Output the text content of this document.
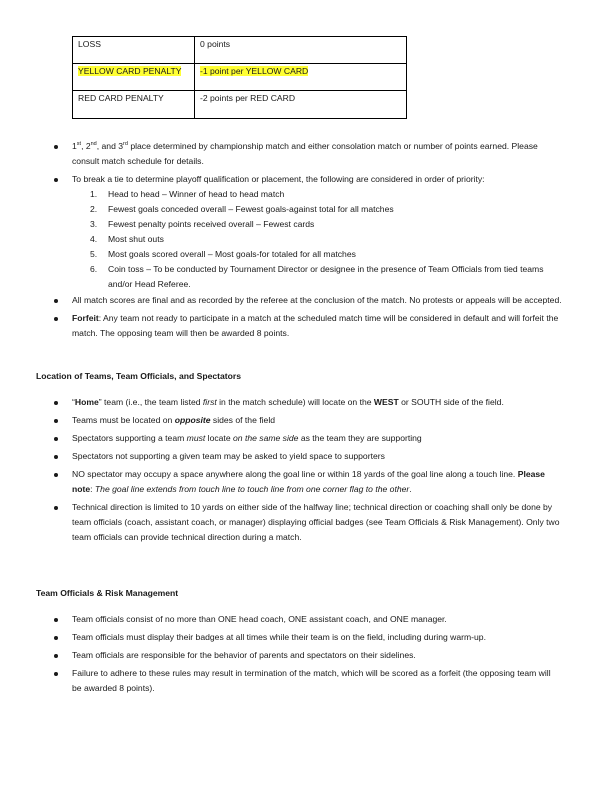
LOSS	0 points
YELLOW CARD PENALTY	-1 point per YELLOW CARD
RED CARD PENALTY	-2 points per RED CARD
1st, 2nd, and 3rd place determined by championship match and either consolation match or number of points earned. Please consult match schedule for details.
To break a tie to determine playoff qualification or placement, the following are considered in order of priority:
1. Head to head – Winner of head to head match
2. Fewest goals conceded overall – Fewest goals-against total for all matches
3. Fewest penalty points received overall – Fewest cards
4. Most shut outs
5. Most goals scored overall – Most goals-for totaled for all matches
6. Coin toss – To be conducted by Tournament Director or designee in the presence of Team Officials from tied teams and/or Head Referee.
All match scores are final and as recorded by the referee at the conclusion of the match. No protests or appeals will be accepted.
Forfeit: Any team not ready to participate in a match at the scheduled match time will be considered in default and will forfeit the match. The opposing team will then be awarded 8 points.
Location of Teams, Team Officials, and Spectators
“Home” team (i.e., the team listed first in the match schedule) will locate on the WEST or SOUTH side of the field.
Teams must be located on opposite sides of the field
Spectators supporting a team must locate on the same side as the team they are supporting
Spectators not supporting a given team may be asked to yield space to supporters
NO spectator may occupy a space anywhere along the goal line or within 18 yards of the goal line along a touch line. Please note: The goal line extends from touch line to touch line from one corner flag to the other.
Technical direction is limited to 10 yards on either side of the halfway line; technical direction or coaching shall only be done by team officials (coach, assistant coach, or manager) displaying official badges (see Team Officials & Risk Management). Only two team officials can provide technical direction during a match.
Team Officials & Risk Management
Team officials consist of no more than ONE head coach, ONE assistant coach, and ONE manager.
Team officials must display their badges at all times while their team is on the field, including during warm-up.
Team officials are responsible for the behavior of parents and spectators on their sidelines.
Failure to adhere to these rules may result in termination of the match, which will be scored as a forfeit (the opposing team will be awarded 8 points).
